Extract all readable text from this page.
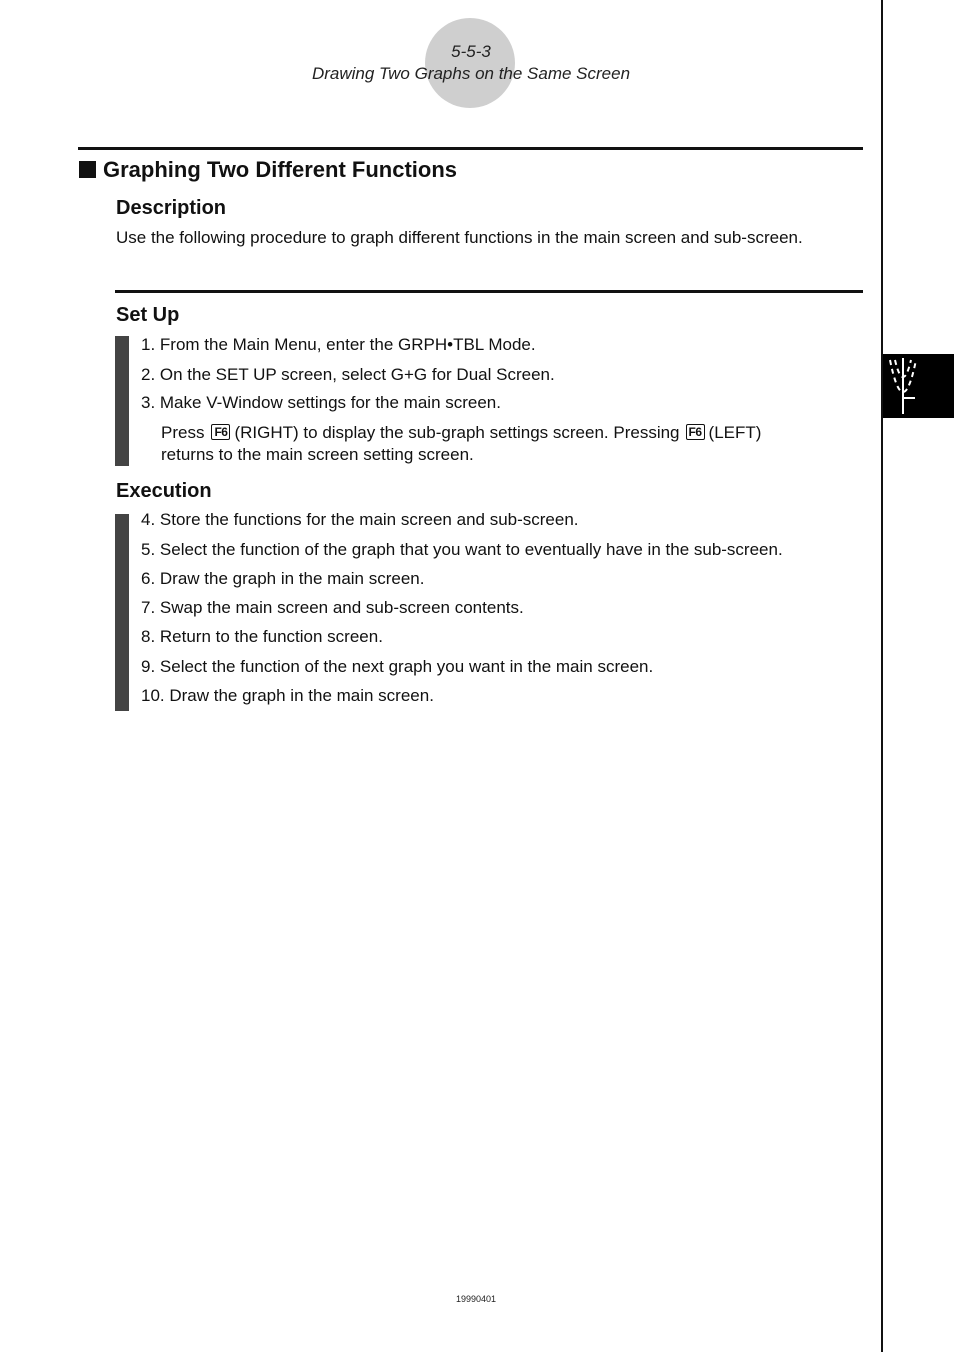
5-5-3
Drawing Two Graphs on the Same Screen
Graphing Two Different Functions
Description
Use the following procedure to graph different functions in the main screen and sub-screen.
Set Up
1. From the Main Menu, enter the GRPH•TBL Mode.
2. On the SET UP screen, select G+G for Dual Screen.
3. Make V-Window settings for the main screen.
Press F6 (RIGHT) to display the sub-graph settings screen. Pressing F6 (LEFT)
returns to the main screen setting screen.
Execution
4. Store the functions for the main screen and sub-screen.
5. Select the function of the graph that you want to eventually have in the sub-screen.
6. Draw the graph in the main screen.
7. Swap the main screen and sub-screen contents.
8. Return to the function screen.
9. Select the function of the next graph you want in the main screen.
10. Draw the graph in the main screen.
19990401
